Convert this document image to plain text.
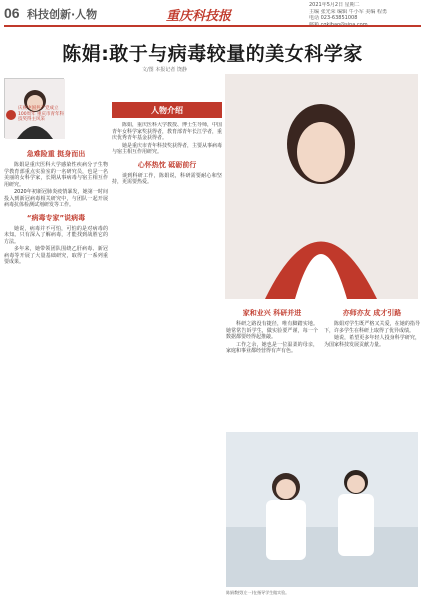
06 科技创新·人物	重庆科技报
2021年5月2日 星期二
主编 张光荣 编辑 牛小军 美编 程勇
电话 023-63851008
陈娟:敢于与病毒较量的美女科学家
文/图 本报记者 饶静
庆祝中国共产党成立100周年 重庆市青年科技奖得主风采
人物介绍
急难险重 挺身而出

陈娟是重庆医科大学感染性疾病分子生物学教育部重点实验室的一名研究员，也是一名美丽的女科学家，长期从事病毒与宿主相互作用研究。

2020年初新冠肺炎疫情暴发，她第一时间投入到新冠病毒相关研究中，与团队一起开展病毒抗体检测试剂研发等工作。

“病毒专家”说病毒

她说，病毒并不可怕，可怕的是对病毒的未知。只有深入了解病毒，才能找到战胜它的方法。

多年来，她带领团队围绕乙肝病毒、新冠病毒等开展了大量基础研究，取得了一系列重要成果。

陈娟，重庆医科大学教授、博士生导师，中国青年女科学家奖获得者，教育部青年长江学者，重庆优秀青年基金获得者。

她是重庆市青年科技奖获得者，主要从事病毒与宿主相互作用研究。

心怀热忱 砥砺前行

谈到科研工作，陈娟说，科研需要耐心和坚持，更需要热爱。

家和业兴 科研并进

科研之路没有捷径，唯有脚踏实地。她常常告诉学生，做实验要严谨，每一个数据都要经得起推敲。

工作之余，她也是一位温柔的母亲，家庭和事业都经营得有声有色。

亦师亦友 成才引路

陈娟对学生既严格又关爱，在她的指导下，许多学生在科研上取得了优异成绩。

她说，希望更多年轻人投身科学研究，为国家科技发展贡献力量。

陈娟教授(左一)在指导学生做实验。
